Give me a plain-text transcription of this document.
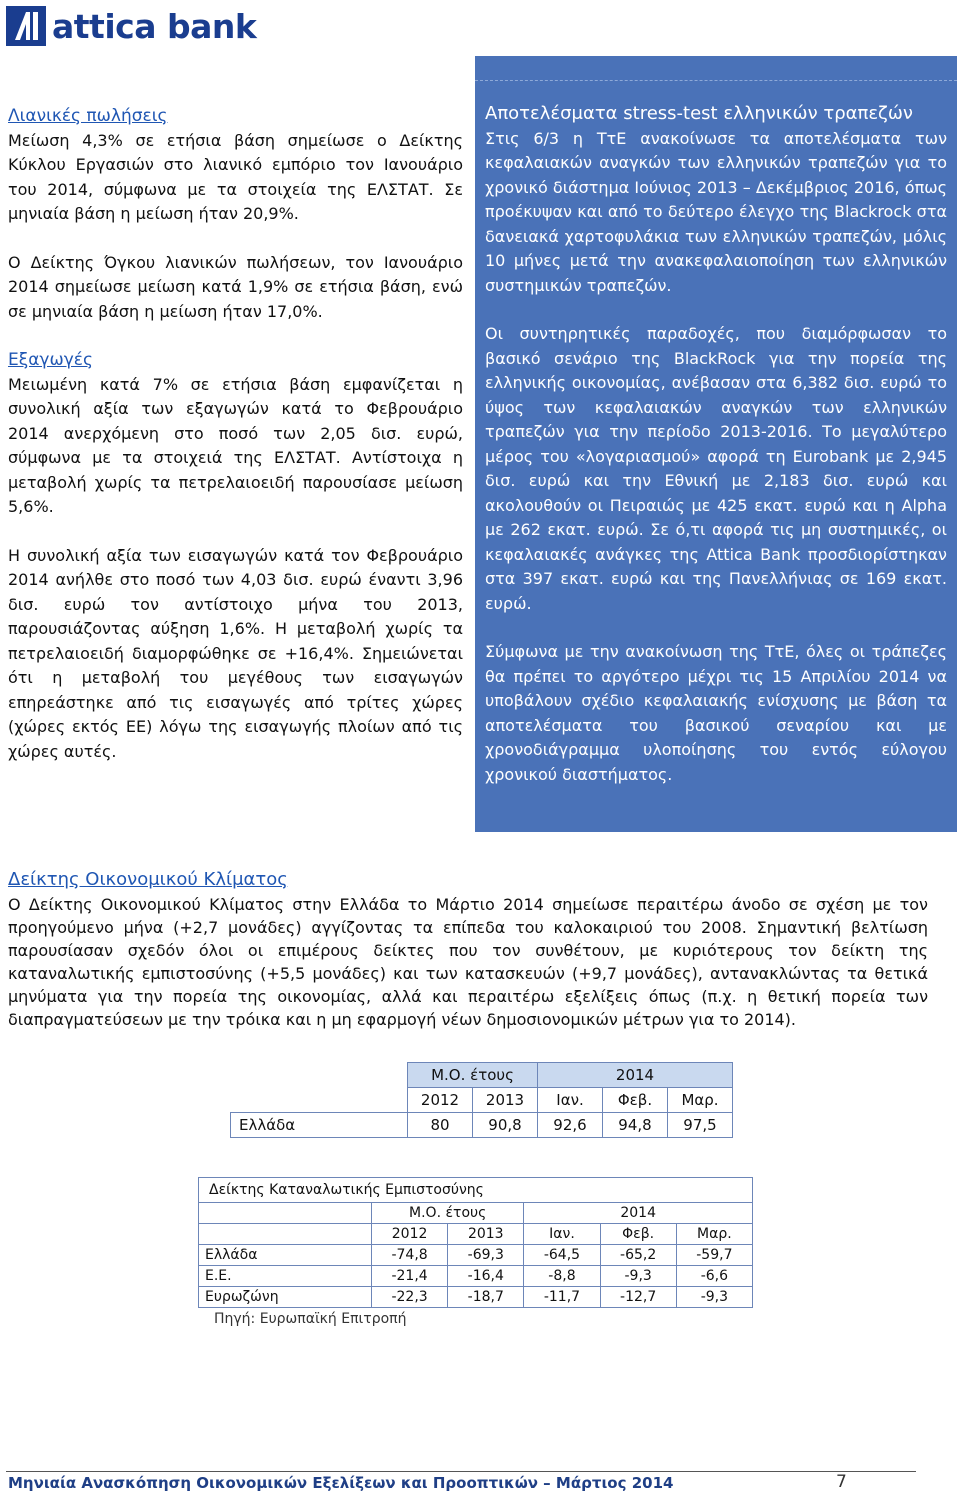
attica bank
Λιανικές πωλήσεις

Μείωση 4,3% σε ετήσια βάση σημείωσε ο Δείκτης Κύκλου Εργασιών στο λιανικό εμπόριο τον Ιανουάριο του 2014, σύμφωνα με τα στοιχεία της ΕΛΣΤΑΤ. Σε μηνιαία βάση η μείωση ήταν 20,9%.

Ο Δείκτης Όγκου λιανικών πωλήσεων, τον Ιανουάριο 2014 σημείωσε μείωση κατά 1,9% σε ετήσια βάση, ενώ σε μηνιαία βάση η μείωση ήταν 17,0%.

Εξαγωγές

Μειωμένη κατά 7% σε ετήσια βάση εμφανίζεται η συνολική αξία των εξαγωγών κατά το Φεβρουάριο 2014 ανερχόμενη στο ποσό των 2,05 δισ. ευρώ, σύμφωνα με τα στοιχειά της ΕΛΣΤΑΤ. Αντίστοιχα η μεταβολή χωρίς τα πετρελαιοειδή παρουσίασε μείωση 5,6%.

Η συνολική αξία των εισαγωγών κατά τον Φεβρουάριο 2014 ανήλθε στο ποσό των 4,03 δισ. ευρώ έναντι 3,96 δισ. ευρώ τον αντίστοιχο μήνα του 2013, παρουσιάζοντας αύξηση 1,6%. Η μεταβολή χωρίς τα πετρελαιοειδή διαμορφώθηκε σε +16,4%. Σημειώνεται ότι η μεταβολή του μεγέθους των εισαγωγών επηρεάστηκε από τις εισαγωγές από τρίτες χώρες (χώρες εκτός ΕΕ) λόγω της εισαγωγής πλοίων από τις χώρες αυτές.

Αποτελέσματα stress-test ελληνικών τραπεζών

Στις 6/3 η ΤτΕ ανακοίνωσε τα αποτελέσματα των κεφαλαιακών αναγκών των ελληνικών τραπεζών για το χρονικό διάστημα Ιούνιος 2013 – Δεκέμβριος 2016, όπως προέκυψαν και από το δεύτερο έλεγχο της Blackrock στα δανειακά χαρτοφυλάκια των ελληνικών τραπεζών, μόλις 10 μήνες μετά την ανακεφαλαιοποίηση των ελληνικών συστημικών τραπεζών.

Οι συντηρητικές παραδοχές, που διαμόρφωσαν το βασικό σενάριο της BlackRock για την πορεία της ελληνικής οικονομίας, ανέβασαν στα 6,382 δισ. ευρώ το ύψος των κεφαλαιακών αναγκών των ελληνικών τραπεζών για την περίοδο 2013-2016. Το μεγαλύτερο μέρος του «λογαριασμού» αφορά τη Eurobank με 2,945 δισ. ευρώ και την Εθνική με 2,183 δισ. ευρώ και ακολουθούν οι Πειραιώς με 425 εκατ. ευρώ και η Alpha με 262 εκατ. ευρώ. Σε ό,τι αφορά τις μη συστημικές, οι κεφαλαιακές ανάγκες της Attica Bank προσδιορίστηκαν στα 397 εκατ. ευρώ και της Πανελλήνιας σε 169 εκατ. ευρώ.

Σύμφωνα με την ανακοίνωση της ΤτΕ, όλες οι τράπεζες θα πρέπει το αργότερο μέχρι τις 15 Απριλίου 2014 να υποβάλουν σχέδιο κεφαλαιακής ενίσχυσης με βάση τα αποτελέσματα του βασικού σεναρίου και με χρονοδιάγραμμα υλοποίησης του εντός εύλογου χρονικού διαστήματος.

Δείκτης Οικονομικού Κλίματος

Ο Δείκτης Οικονομικού Κλίματος στην Ελλάδα το Μάρτιο 2014 σημείωσε περαιτέρω άνοδο σε σχέση με τον προηγούμενο μήνα (+2,7 μονάδες) αγγίζοντας τα επίπεδα του καλοκαιριού του 2008. Σημαντική βελτίωση παρουσίασαν σχεδόν όλοι οι επιμέρους δείκτες που τον συνθέτουν, με κυριότερους τον δείκτη της καταναλωτικής εμπιστοσύνης (+5,5 μονάδες) και των κατασκευών (+9,7 μονάδες), αντανακλώντας τα θετικά μηνύματα για την πορεία της οικονομίας, αλλά και περαιτέρω εξελίξεις όπως (π.χ. η θετική πορεία των διαπραγματεύσεων με την τρόικα και η μη εφαρμογή νέων δημοσιονομικών μέτρων για το 2014).

	Μ.Ο. έτους		2014		
	2012	2013	Ιαν.	Φεβ.	Μαρ.
Ελλάδα	80	90,8	92,6	94,8	97,5
Δείκτης Καταναλωτικής Εμπιστοσύνης
	Μ.Ο. έτους		2014		
	2012	2013	Ιαν.	Φεβ.	Μαρ.
Ελλάδα	-74,8	-69,3	-64,5	-65,2	-59,7
Ε.Ε.	-21,4	-16,4	-8,8	-9,3	-6,6
Ευρωζώνη	-22,3	-18,7	-11,7	-12,7	-9,3
Πηγή: Ευρωπαϊκή Επιτροπή
Μηνιαία Ανασκόπηση Οικονομικών Εξελίξεων και Προοπτικών – Μάρτιος 2014	7
